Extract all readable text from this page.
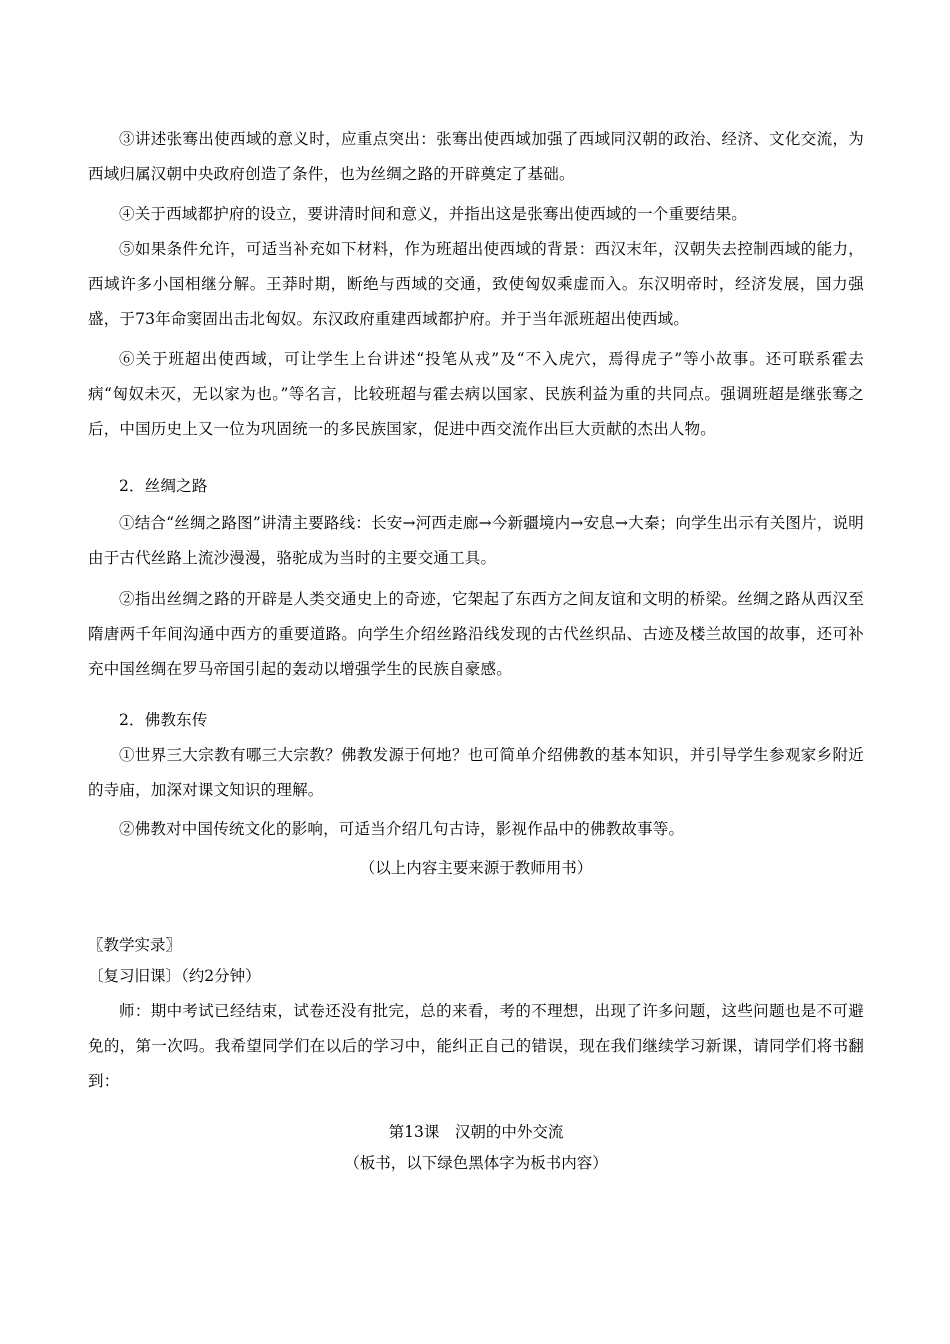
③讲述张骞出使西域的意义时，应重点突出：张骞出使西域加强了西域同汉朝的政治、经济、文化交流，为西域归属汉朝中央政府创造了条件，也为丝绸之路的开辟奠定了基础。

④关于西域都护府的设立，要讲清时间和意义，并指出这是张骞出使西域的一个重要结果。

⑤如果条件允许，可适当补充如下材料，作为班超出使西域的背景：西汉末年，汉朝失去控制西域的能力，西域许多小国相继分解。王莽时期，断绝与西域的交通，致使匈奴乘虚而入。东汉明帝时，经济发展，国力强盛，于73年命窦固出击北匈奴。东汉政府重建西域都护府。并于当年派班超出使西域。

⑥关于班超出使西域，可让学生上台讲述“投笔从戎”及“不入虎穴，焉得虎子”等小故事。还可联系霍去病“匈奴未灭，无以家为也。”等名言，比较班超与霍去病以国家、民族利益为重的共同点。强调班超是继张骞之后，中国历史上又一位为巩固统一的多民族国家，促进中西交流作出巨大贡献的杰出人物。

2．丝绸之路

①结合“丝绸之路图”讲清主要路线：长安→河西走廊→今新疆境内→安息→大秦；向学生出示有关图片，说明由于古代丝路上流沙漫漫，骆驼成为当时的主要交通工具。

②指出丝绸之路的开辟是人类交通史上的奇迹，它架起了东西方之间友谊和文明的桥梁。丝绸之路从西汉至隋唐两千年间沟通中西方的重要道路。向学生介绍丝路沿线发现的古代丝织品、古迹及楼兰故国的故事，还可补充中国丝绸在罗马帝国引起的轰动以增强学生的民族自豪感。

2．佛教东传

①世界三大宗教有哪三大宗教？佛教发源于何地？也可简单介绍佛教的基本知识，并引导学生参观家乡附近的寺庙，加深对课文知识的理解。

②佛教对中国传统文化的影响，可适当介绍几句古诗，影视作品中的佛教故事等。

（以上内容主要来源于教师用书）

〖教学实录〗

〔复习旧课〕（约2分钟）

师：期中考试已经结束，试卷还没有批完，总的来看，考的不理想，出现了许多问题，这些问题也是不可避免的，第一次吗。我希望同学们在以后的学习中，能纠正自己的错误，现在我们继续学习新课，请同学们将书翻到：

第13课　汉朝的中外交流

（板书，以下绿色黑体字为板书内容）
